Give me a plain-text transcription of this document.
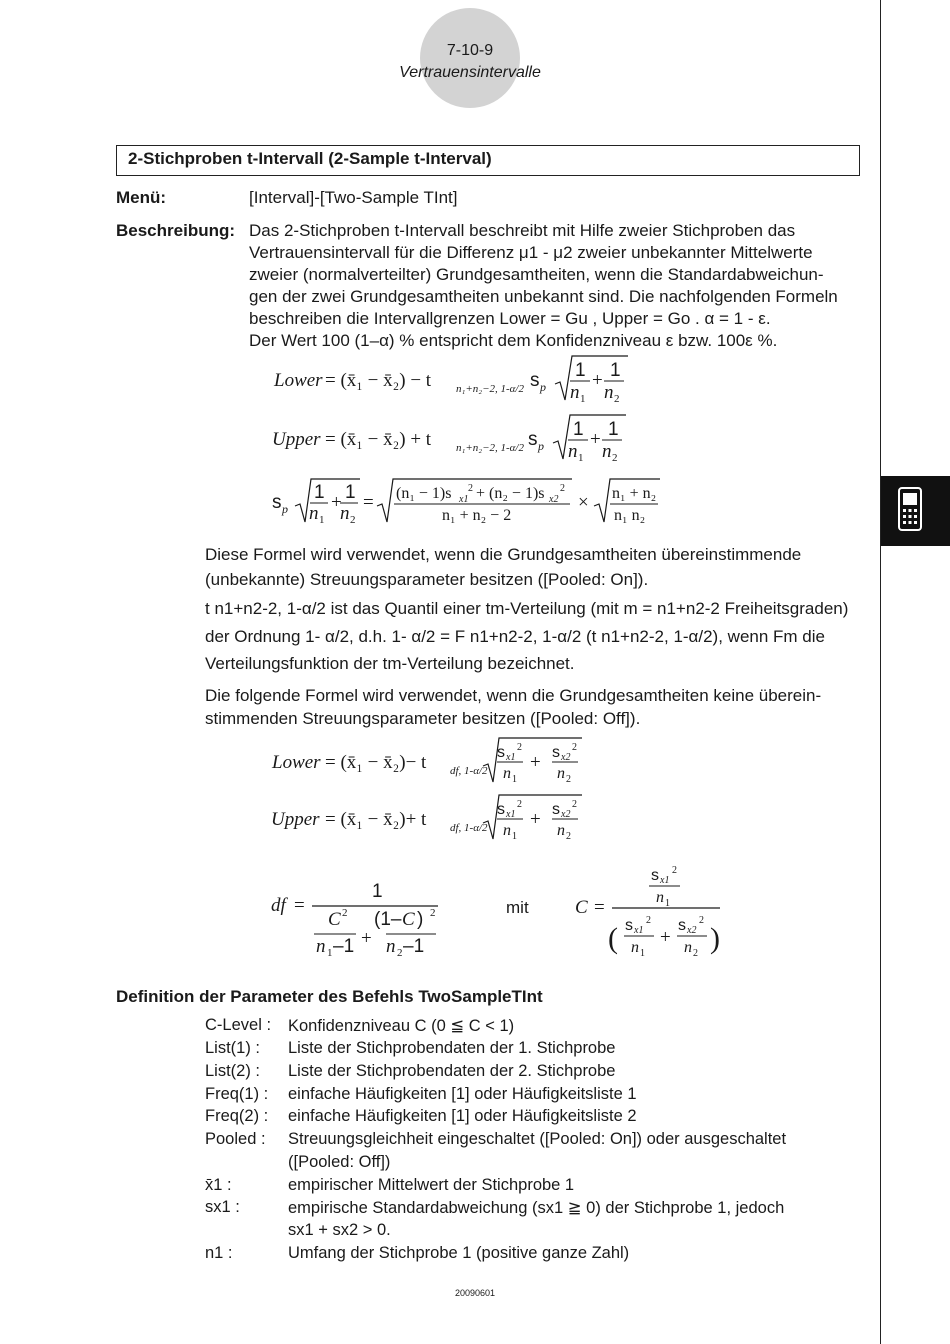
7-10-9
Vertrauensintervalle
2-Stichproben t-Intervall (2-Sample t-Interval)
Menü:	[Interval]-[Two-Sample TInt]
Beschreibung: Das 2-Stichproben t-Intervall beschreibt mit Hilfe zweier Stichproben das
Vertrauensintervall für die Differenz μ1 - μ2 zweier unbekannter Mittelwerte
zweier (normalverteilter) Grundgesamtheiten, wenn die Standardabweichun-
gen der zwei Grundgesamtheiten unbekannt sind. Die nachfolgenden Formeln
beschreiben die Intervallgrenzen Lower = Gu , Upper = Go . α = 1 - ε.
Der Wert 100 (1–α) % entspricht dem Konfidenzniveau ε bzw. 100ε %.
Lower = (x̄₁ − x̄₂) − t n₁+n₂−2, 1-α/2 s p
1
n 1
+ 1
n 2
Upper = (x̄₁ − x̄₂) + t n₁+n₂−2, 1-α/2 s p
1
n 1
+ 1
n 2
s p
1
n 1
+ 1
n 2
= (n₁ − 1)s x1
2 + (n₂ − 1)s x2
2
n₁ + n₂ − 2
× n₁ + n₂
n₁ n₂
Lower = (x̄₁ − x̄₂)− t df, 1-α/2
s x1
2
n 1
+ s x2
2
n 2
Upper = (x̄₁ − x̄₂)+ t df, 1-α/2
s x1
2
n 1
+ s x2
2
n 2
df =
1
C 2
n 1 –1 +
(1– C ) 2
n 2 –1
C =
s x1
2
n 1
( s x1
2
n 1
+
s x2
2
n 2 )
Diese Formel wird verwendet, wenn die Grundgesamtheiten übereinstimmende
(unbekannte) Streuungsparameter besitzen ([Pooled: On]).
t n1+n2-2, 1-α/2 ist das Quantil einer tm-Verteilung (mit m = n1+n2-2 Freiheitsgraden)
der Ordnung 1- α/2, d.h. 1- α/2 = F n1+n2-2, 1-α/2 (t n1+n2-2, 1-α/2), wenn Fm die
Verteilungsfunktion der tm-Verteilung bezeichnet.
Die folgende Formel wird verwendet, wenn die Grundgesamtheiten keine überein-
stimmenden Streuungsparameter besitzen ([Pooled: Off]).
mit
Definition der Parameter des Befehls TwoSampleTInt
C-Level : Konfidenzniveau C (0 ≦ C < 1)
List(1) : Liste der Stichprobendaten der 1. Stichprobe
List(2) : Liste der Stichprobendaten der 2. Stichprobe
Freq(1) : einfache Häufigkeiten [1] oder Häufigkeitsliste 1
Freq(2) : einfache Häufigkeiten [1] oder Häufigkeitsliste 2
Pooled : Streuungsgleichheit eingeschaltet ([Pooled: On]) oder ausgeschaltet
([Pooled: Off])
x̄1 :	empirischer Mittelwert der Stichprobe 1
sx1 :	empirische Standardabweichung (sx1 ≧ 0) der Stichprobe 1, jedoch
sx1 + sx2 > 0.
n1 :	Umfang der Stichprobe 1 (positive ganze Zahl)
20090601
